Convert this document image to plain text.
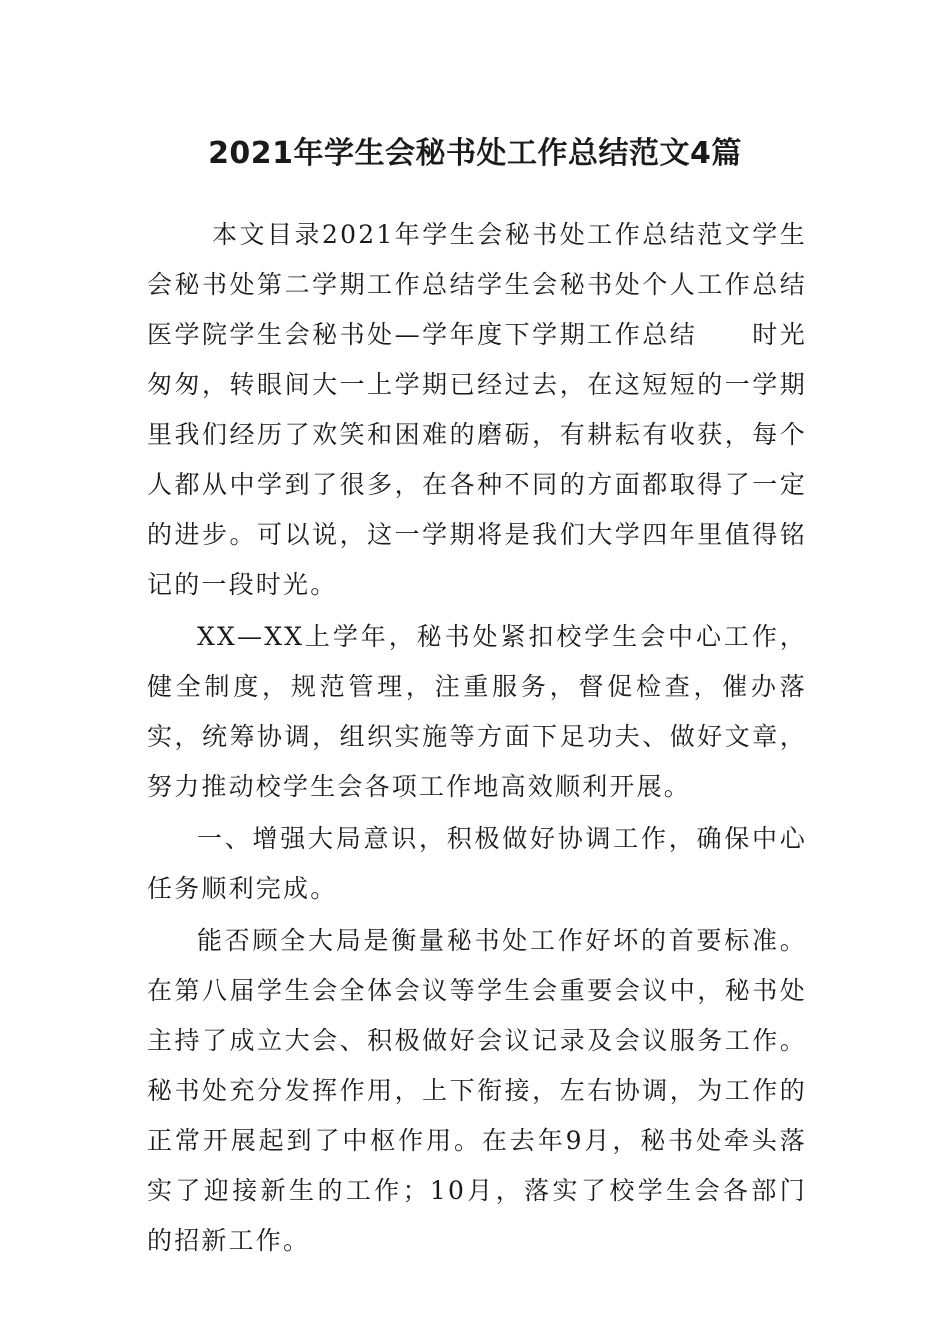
2021年学生会秘书处工作总结范文4篇

本文目录2021年学生会秘书处工作总结范文学生会秘书处第二学期工作总结学生会秘书处个人工作总结医学院学生会秘书处—学年度下学期工作总结　　时光匆匆，转眼间大一上学期已经过去，在这短短的一学期里我们经历了欢笑和困难的磨砺，有耕耘有收获，每个人都从中学到了很多，在各种不同的方面都取得了一定的进步。可以说，这一学期将是我们大学四年里值得铭记的一段时光。

XX—XX上学年，秘书处紧扣校学生会中心工作，健全制度，规范管理，注重服务，督促检查，催办落实，统筹协调，组织实施等方面下足功夫、做好文章，努力推动校学生会各项工作地高效顺利开展。

一、增强大局意识，积极做好协调工作，确保中心任务顺利完成。

能否顾全大局是衡量秘书处工作好坏的首要标准。在第八届学生会全体会议等学生会重要会议中，秘书处主持了成立大会、积极做好会议记录及会议服务工作。秘书处充分发挥作用，上下衔接，左右协调，为工作的正常开展起到了中枢作用。在去年9月，秘书处牵头落实了迎接新生的工作；10月，落实了校学生会各部门的招新工作。
